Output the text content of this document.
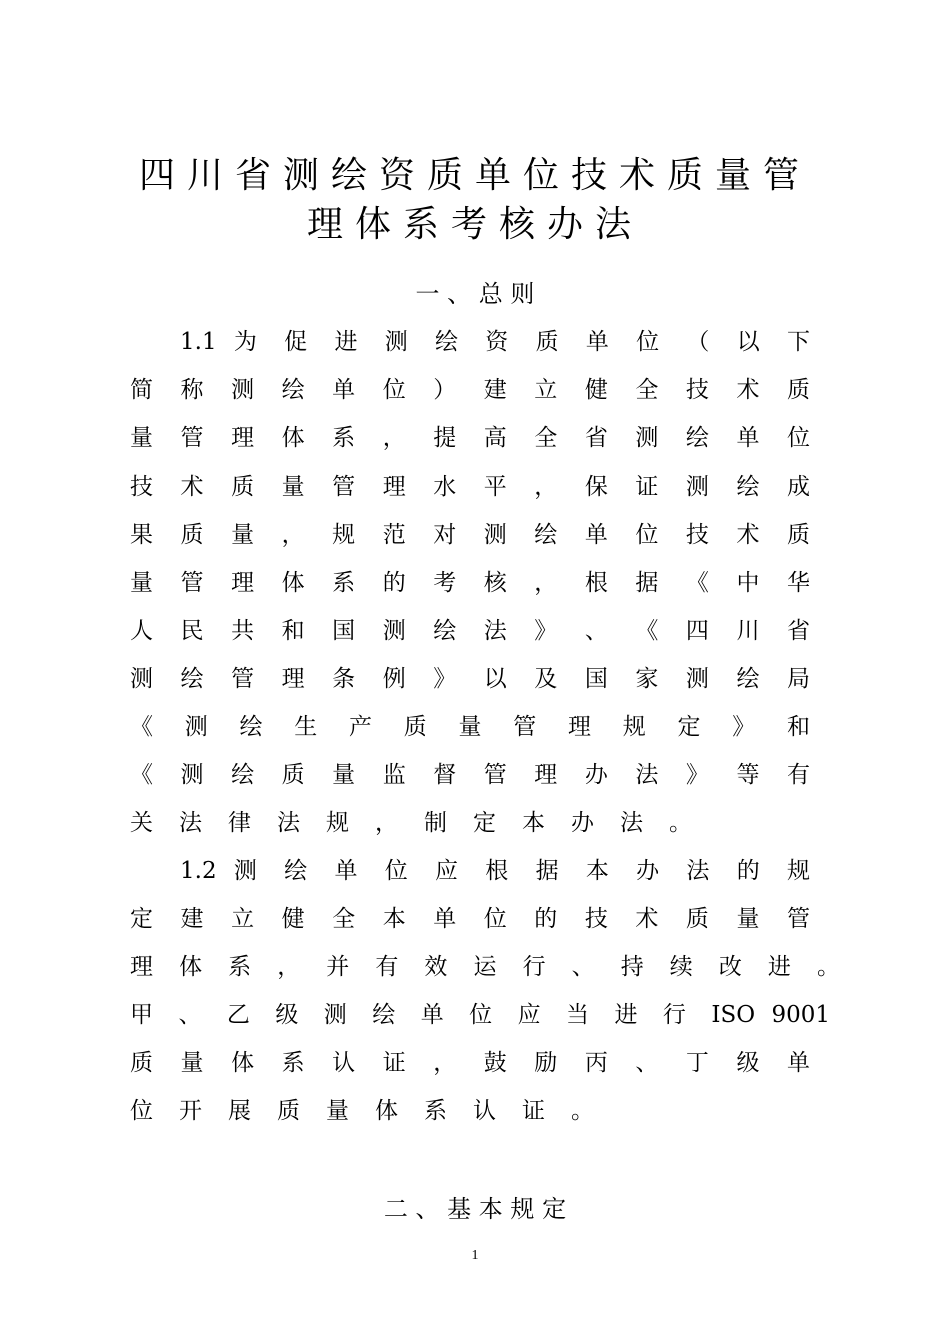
四川省测绘资质单位技术质量管
理体系考核办法
一 、 总 则
1.1 为 促 进 测 绘 资 质 单 位 （ 以 下
简 称 测 绘 单 位 ） 建 立 健 全 技 术 质
量 管 理 体 系 ， 提 高 全 省 测 绘 单 位
技 术 质 量 管 理 水 平 ， 保 证 测 绘 成
果 质 量 ， 规 范 对 测 绘 单 位 技 术 质
量 管 理 体 系 的 考 核 ， 根 据 《 中 华
人 民 共 和 国 测 绘 法 》 、 《 四 川 省
测 绘 管 理 条 例 》 以 及 国 家 测 绘 局
《 测 绘 生 产 质 量 管 理 规 定 》 和
《 测 绘 质 量 监 督 管 理 办 法 》 等 有
关法律法规，制定本办法。
1.2 测 绘 单 位 应 根 据 本 办 法 的 规
定 建 立 健 全 本 单 位 的 技 术 质 量 管
理 体 系 ， 并 有 效 运 行 、 持 续 改 进 。
甲 、 乙 级 测 绘 单 位 应 当 进 行 ISO 9001
质 量 体 系 认 证 ， 鼓 励 丙 、 丁 级 单
位开展质量体系认证。
二 、 基 本 规 定
1
